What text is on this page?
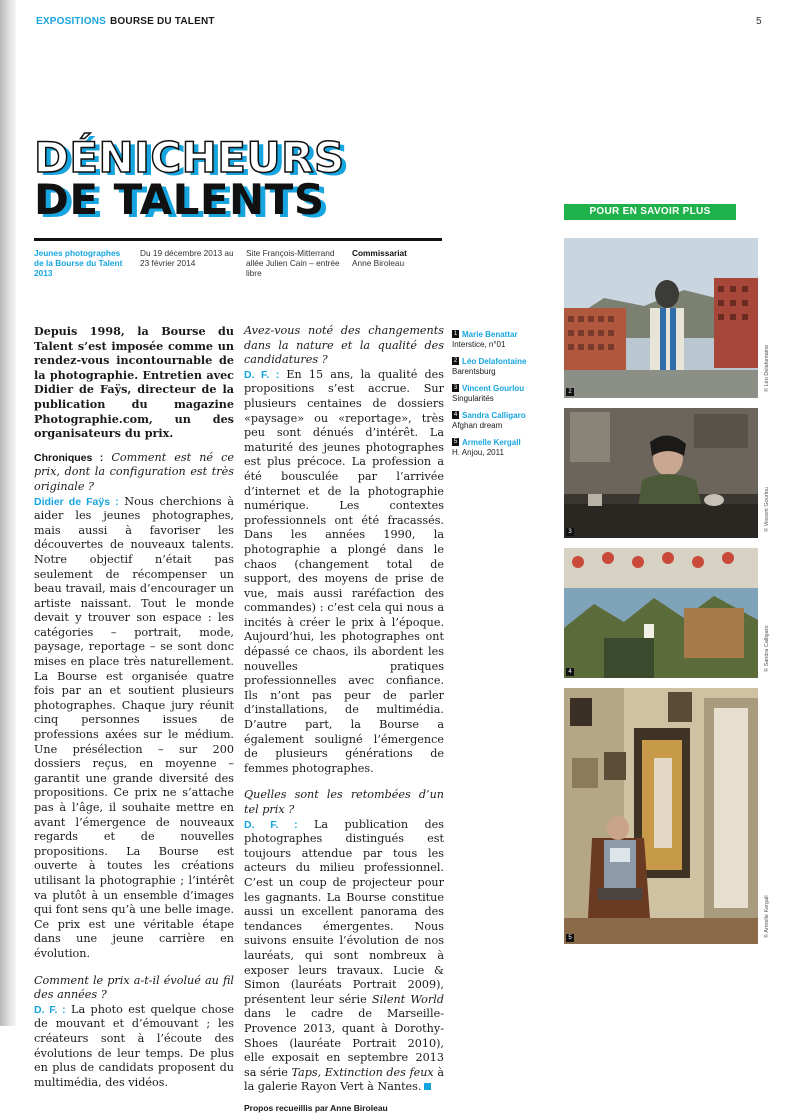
EXPOSITIONS BOURSE DU TALENT	5
DÉNICHEURS
DE TALENTS
Jeunes photographes de la Bourse du Talent 2013
Du 19 décembre 2013 au 23 février 2014
Site François-Mitterrand allée Julien Cain – entrée libre
Commissariat
Anne Biroleau

Depuis 1998, la Bourse du Talent s’est imposée comme un rendez-vous incontournable de la photographie. Entretien avec Didier de Faÿs, directeur de la publication du magazine Photographie.com, un des organisateurs du prix.

Chroniques : Comment est né ce prix, dont la configuration est très originale ?
Didier de Faÿs : Nous cherchions à aider les jeunes photographes, mais aussi à favoriser les découvertes de nouveaux talents. Notre objectif n’était pas seulement de récompenser un beau travail, mais d’encourager un artiste naissant. Tout le monde devait y trouver son espace : les catégories – portrait, mode, paysage, reportage – se sont donc mises en place très naturellement. La Bourse est organisée quatre fois par an et soutient plusieurs photographes. Chaque jury réunit cinq personnes issues de professions axées sur le médium. Une présélection – sur 200 dossiers reçus, en moyenne – garantit une grande diversité des propositions. Ce prix ne s’attache pas à l’âge, il souhaite mettre en avant l’émergence de nouveaux regards et de nouvelles propositions. La Bourse est ouverte à toutes les créations utilisant la photographie ; l’intérêt va plutôt à un ensemble d’images qui font sens qu’à une belle image. Ce prix est une véritable étape dans une jeune carrière en évolution.

Comment le prix a-t-il évolué au fil des années ?
D. F. : La photo est quelque chose de mouvant et d’émouvant ; les créateurs sont à l’écoute des évolutions de leur temps. De plus en plus de candidats proposent du multimédia, des vidéos.

Avez-vous noté des changements dans la nature et la qualité des candidatures ?
D. F. : En 15 ans, la qualité des propositions s’est accrue. Sur plusieurs centaines de dossiers «paysage» ou «reportage», très peu sont dénués d’intérêt. La maturité des jeunes photographes est plus précoce. La profession a été bousculée par l’arrivée d’internet et de la photographie numérique. Les contextes professionnels ont été fracassés. Dans les années 1990, la photographie a plongé dans le chaos (changement total de support, des moyens de prise de vue, mais aussi raréfaction des commandes) : c’est cela qui nous a incités à créer le prix à l’époque. Aujourd’hui, les photographes ont dépassé ce chaos, ils abordent les nouvelles pratiques professionnelles avec confiance. Ils n’ont pas peur de parler d’installations, de multimédia. D’autre part, la Bourse a également souligné l’émergence de plusieurs générations de femmes photographes.

Quelles sont les retombées d’un tel prix ?
D. F. : La publication des photographes distingués est toujours attendue par tous les acteurs du milieu professionnel. C’est un coup de projecteur pour les gagnants. La Bourse constitue aussi un excellent panorama des tendances émergentes. Nous suivons ensuite l’évolution de nos lauréats, qui sont nombreux à exposer leurs travaux. Lucie & Simon (lauréats Portrait 2009), présentent leur série Silent World dans le cadre de Marseille-Provence 2013, quant à Dorothy-Shoes (lauréate Portrait 2010), elle exposait en septembre 2013 sa série Taps, Extinction des feux à la galerie Rayon Vert à Nantes.

Propos recueillis par Anne Biroleau
1 Marie Benattar
Interstice, n°01
2 Léo Delafontaine
Barentsburg
3 Vincent Gourlou
Singularités
4 Sandra Calligaro
Afghan dream
5 Armelle Kergall
H. Anjou, 2011
POUR EN SAVOIR PLUS
2	© Léo Delafontaine
3	© Vincent Gourlou
4	© Sandra Calligaro
5	© Armelle Kergall
